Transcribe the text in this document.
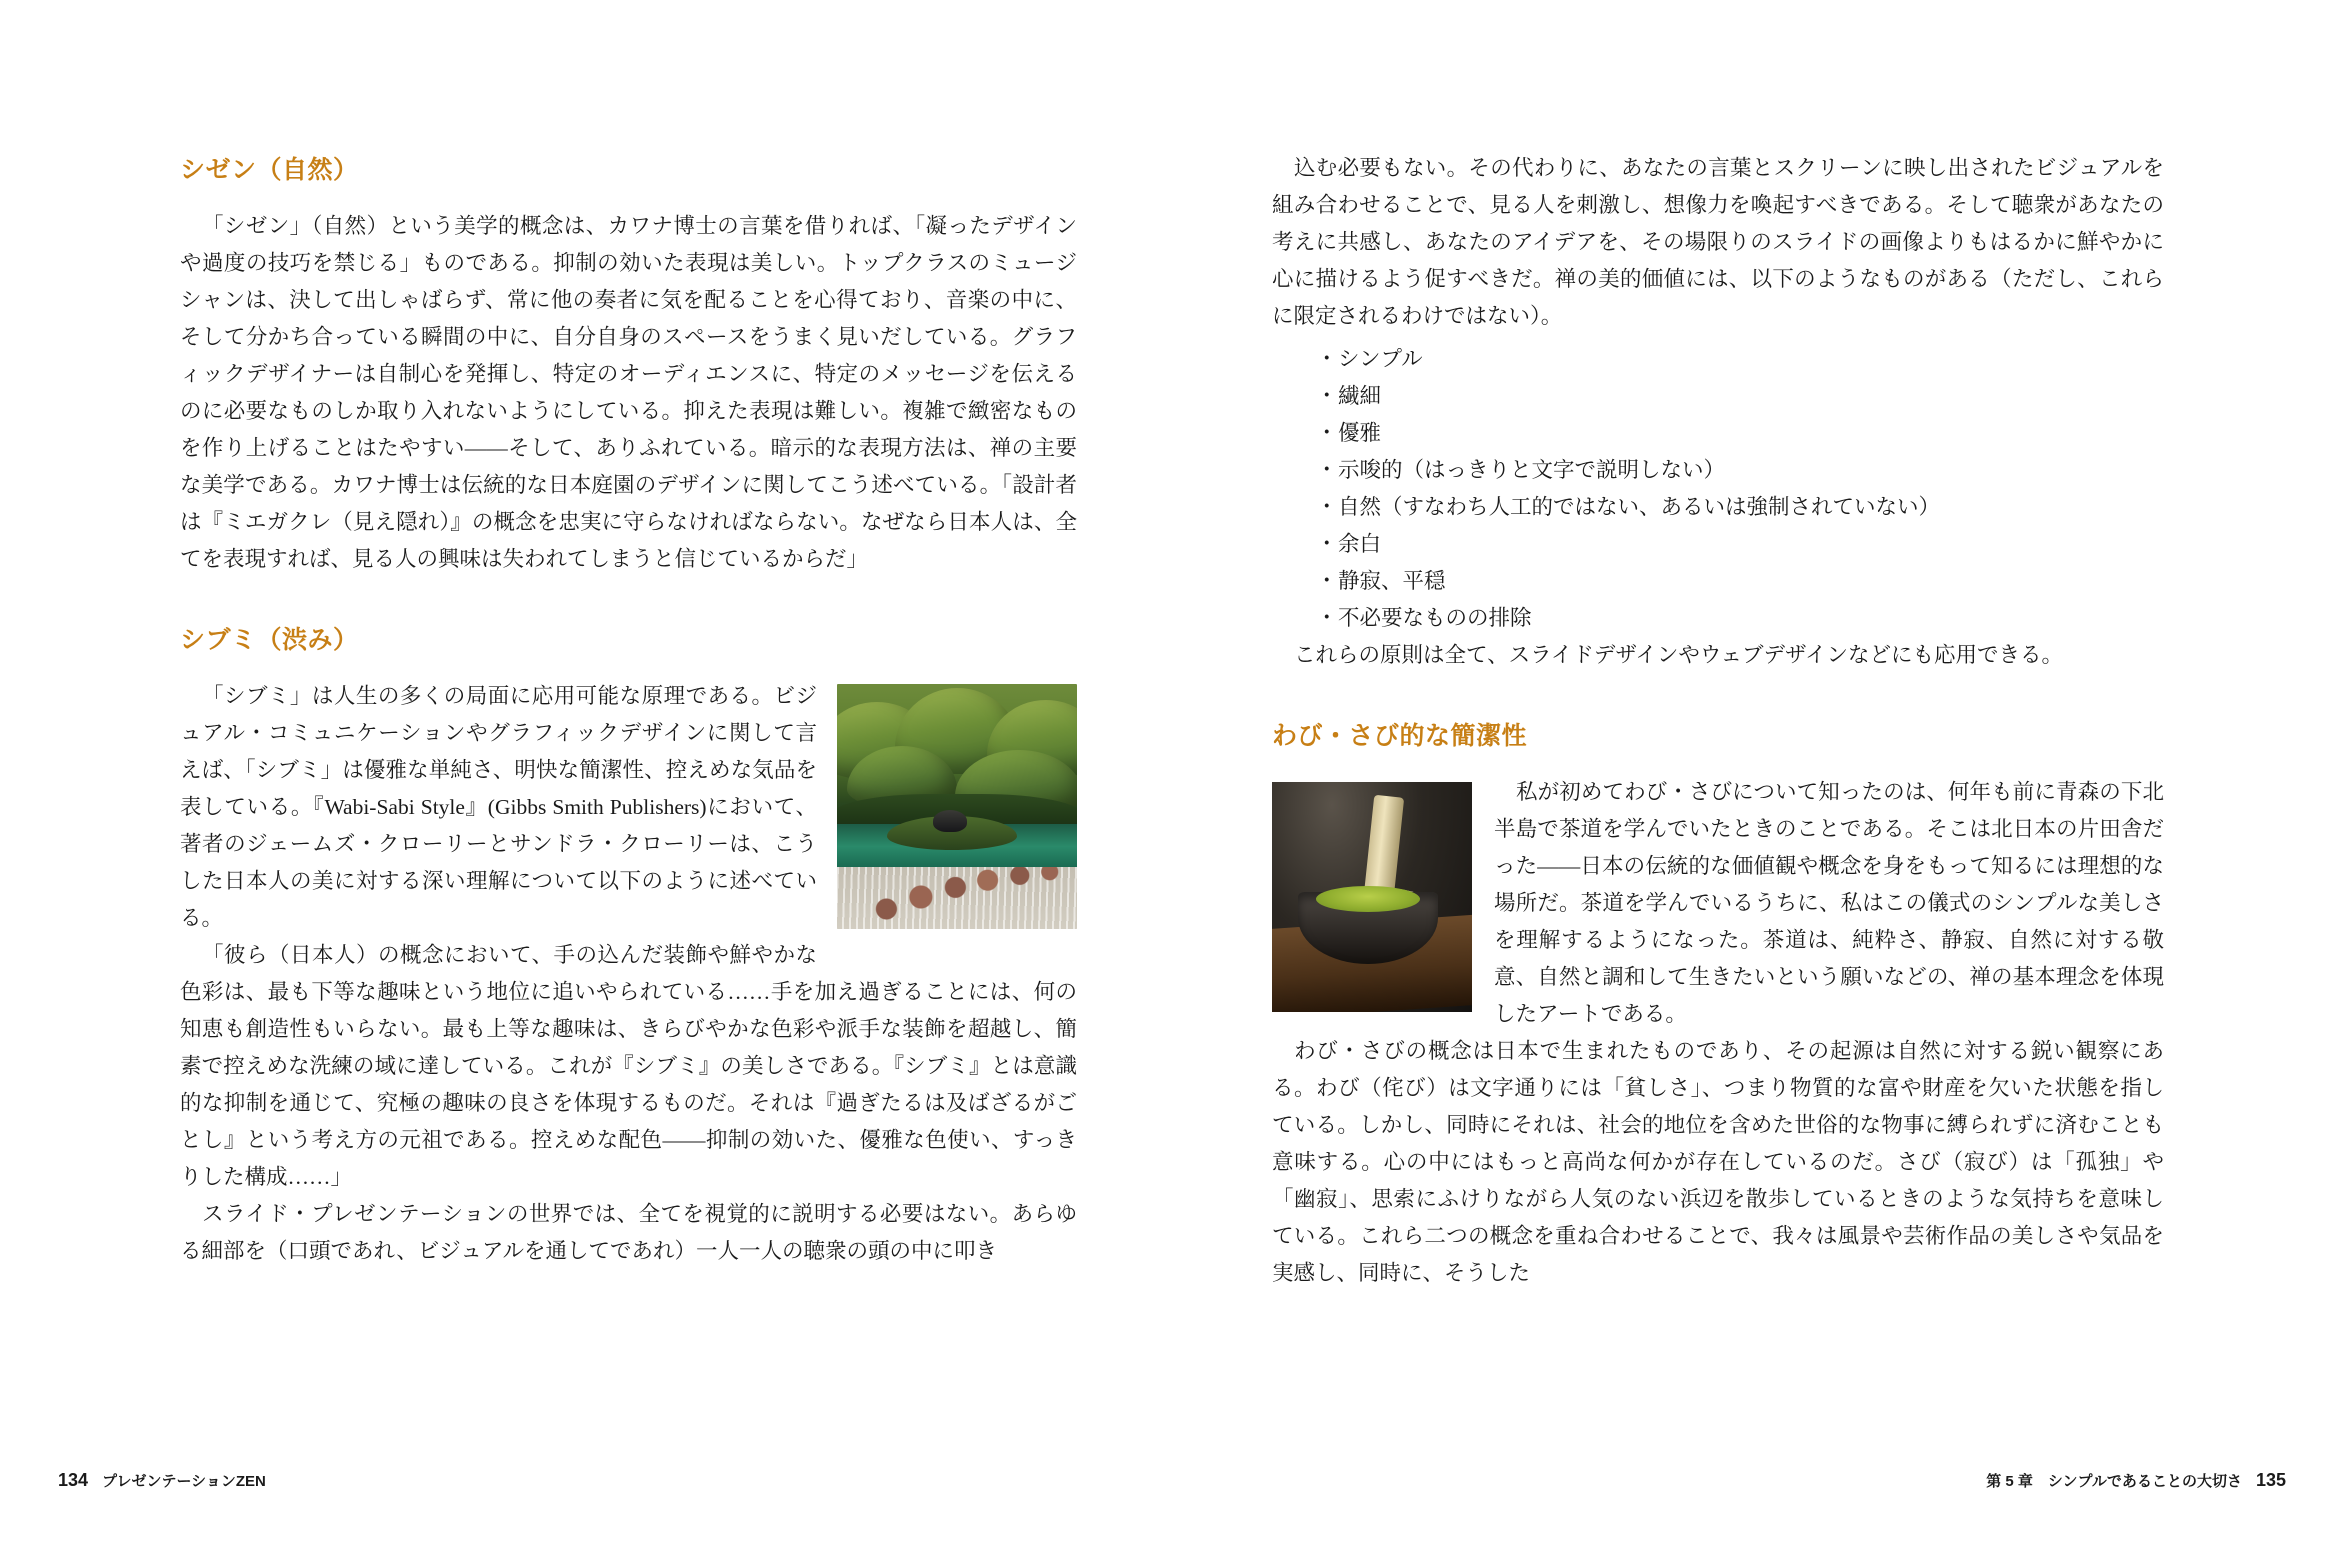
シゼン（自然）

「シゼン」（自然）という美学的概念は、カワナ博士の言葉を借りれば、「凝ったデザインや過度の技巧を禁じる」ものである。抑制の効いた表現は美しい。トップクラスのミュージシャンは、決して出しゃばらず、常に他の奏者に気を配ることを心得ており、音楽の中に、そして分かち合っている瞬間の中に、自分自身のスペースをうまく見いだしている。グラフィックデザイナーは自制心を発揮し、特定のオーディエンスに、特定のメッセージを伝えるのに必要なものしか取り入れないようにしている。抑えた表現は難しい。複雑で緻密なものを作り上げることはたやすい——そして、ありふれている。暗示的な表現方法は、禅の主要な美学である。カワナ博士は伝統的な日本庭園のデザインに関してこう述べている。「設計者は『ミエガクレ（見え隠れ）』の概念を忠実に守らなければならない。なぜなら日本人は、全てを表現すれば、見る人の興味は失われてしまうと信じているからだ」

シブミ（渋み）

「シブミ」は人生の多くの局面に応用可能な原理である。ビジュアル・コミュニケーションやグラフィックデザインに関して言えば、「シブミ」は優雅な単純さ、明快な簡潔性、控えめな気品を表している。『Wabi-Sabi Style』(Gibbs Smith Publishers)において、著者のジェームズ・クローリーとサンドラ・クローリーは、こうした日本人の美に対する深い理解について以下のように述べている。

「彼ら（日本人）の概念において、手の込んだ装飾や鮮やかな色彩は、最も下等な趣味という地位に追いやられている……手を加え過ぎることには、何の知恵も創造性もいらない。最も上等な趣味は、きらびやかな色彩や派手な装飾を超越し、簡素で控えめな洗練の域に達している。これが『シブミ』の美しさである。『シブミ』とは意識的な抑制を通じて、究極の趣味の良さを体現するものだ。それは『過ぎたるは及ばざるがごとし』という考え方の元祖である。控えめな配色——抑制の効いた、優雅な色使い、すっきりした構成……」

スライド・プレゼンテーションの世界では、全てを視覚的に説明する必要はない。あらゆる細部を（口頭であれ、ビジュアルを通してであれ）一人一人の聴衆の頭の中に叩き

134 プレゼンテーションZEN

込む必要もない。その代わりに、あなたの言葉とスクリーンに映し出されたビジュアルを組み合わせることで、見る人を刺激し、想像力を喚起すべきである。そして聴衆があなたの考えに共感し、あなたのアイデアを、その場限りのスライドの画像よりもはるかに鮮やかに心に描けるよう促すべきだ。禅の美的価値には、以下のようなものがある（ただし、これらに限定されるわけではない）。

・ シンプル
・ 繊細
・ 優雅
・ 示唆的（はっきりと文字で説明しない）
・ 自然（すなわち人工的ではない、あるいは強制されていない）
・ 余白
・ 静寂、平穏
・ 不必要なものの排除

これらの原則は全て、スライドデザインやウェブデザインなどにも応用できる。

わび・さび的な簡潔性

私が初めてわび・さびについて知ったのは、何年も前に青森の下北半島で茶道を学んでいたときのことである。そこは北日本の片田舎だった——日本の伝統的な価値観や概念を身をもって知るには理想的な場所だ。茶道を学んでいるうちに、私はこの儀式のシンプルな美しさを理解するようになった。茶道は、純粋さ、静寂、自然に対する敬意、自然と調和して生きたいという願いなどの、禅の基本理念を体現したアートである。

わび・さびの概念は日本で生まれたものであり、その起源は自然に対する鋭い観察にある。わび（侘び）は文字通りには「貧しさ」、つまり物質的な富や財産を欠いた状態を指している。しかし、同時にそれは、社会的地位を含めた世俗的な物事に縛られずに済むことも意味する。心の中にはもっと高尚な何かが存在しているのだ。さび（寂び）は「孤独」や「幽寂」、思索にふけりながら人気のない浜辺を散歩しているときのような気持ちを意味している。これら二つの概念を重ね合わせることで、我々は風景や芸術作品の美しさや気品を実感し、同時に、そうした

第 5 章　シンプルであることの大切さ 135
